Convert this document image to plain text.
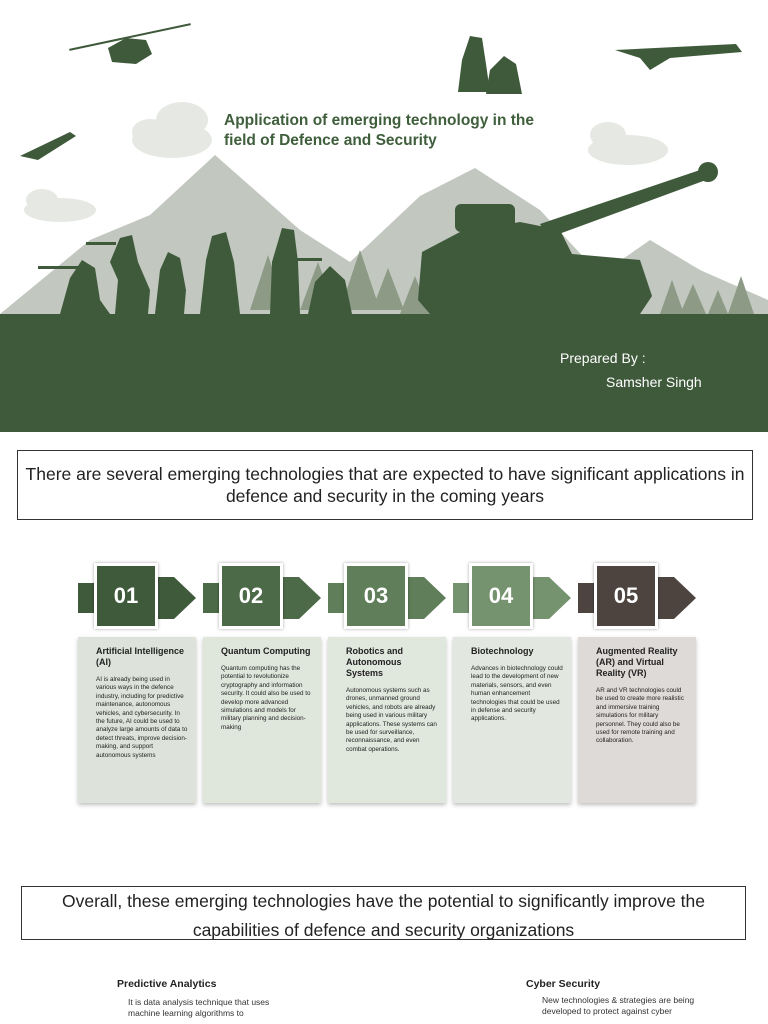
Application of emerging technology in the field of Defence and Security
Prepared By :
Samsher Singh
There are several emerging technologies that are expected to have significant applications in defence and security in the coming years
01
Artificial Intelligence (AI)
AI is already being used in various ways in the defence industry, including for predictive maintenance, autonomous vehicles, and cybersecurity. In the future, AI could be used to analyze large amounts of data to detect threats, improve decision-making, and support autonomous systems
02
Quantum Computing
Quantum computing has the potential to revolutionize cryptography and information security. It could also be used to develop more advanced simulations and models for military planning and decision-making
03
Robotics and Autonomous Systems
Autonomous systems such as drones, unmanned ground vehicles, and robots are already being used in various military applications. These systems can be used for surveillance, reconnaissance, and even combat operations.
04
Biotechnology
Advances in biotechnology could lead to the development of new materials, sensors, and even human enhancement technologies that could be used in defense and security applications.
05
Augmented Reality (AR) and Virtual Reality (VR)
AR and VR technologies could be used to create more realistic and immersive training simulations for military personnel. They could also be used for remote training and collaboration.
Overall, these emerging technologies have the potential to significantly improve the capabilities of defence and security organizations
Predictive Analytics
It is data analysis technique that uses machine learning algorithms to
Cyber Security
New technologies & strategies are being developed to protect against cyber
